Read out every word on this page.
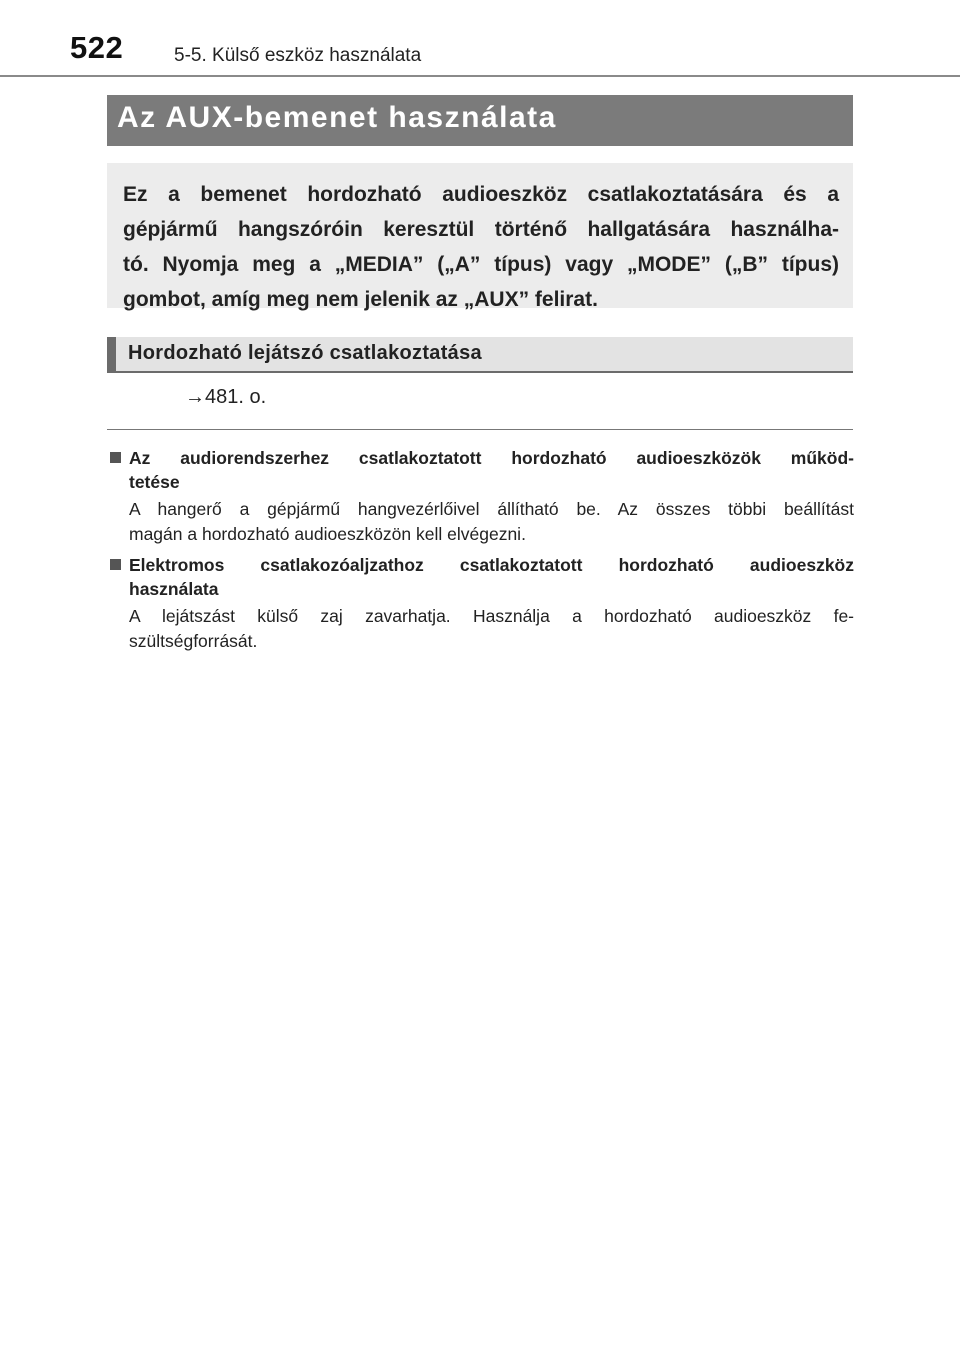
522	5-5. Külső eszköz használata
Az AUX-bemenet használata
Ez a bemenet hordozható audioeszköz csatlakoztatására és a
gépjármű hangszóróin keresztül történő hallgatására használha-
tó. Nyomja meg a „MEDIA” („A” típus) vagy „MODE” („B” típus)
gombot, amíg meg nem jelenik az „AUX” felirat.
Hordozható lejátszó csatlakoztatása
→481. o.
Az audiorendszerhez csatlakoztatott hordozható audioeszközök működ-
tetése
A hangerő a gépjármű hangvezérlőivel állítható be. Az összes többi beállítást
magán a hordozható audioeszközön kell elvégezni.
Elektromos csatlakozóaljzathoz csatlakoztatott hordozható audioeszköz
használata
A lejátszást külső zaj zavarhatja. Használja a hordozható audioeszköz fe-
szültségforrását.
